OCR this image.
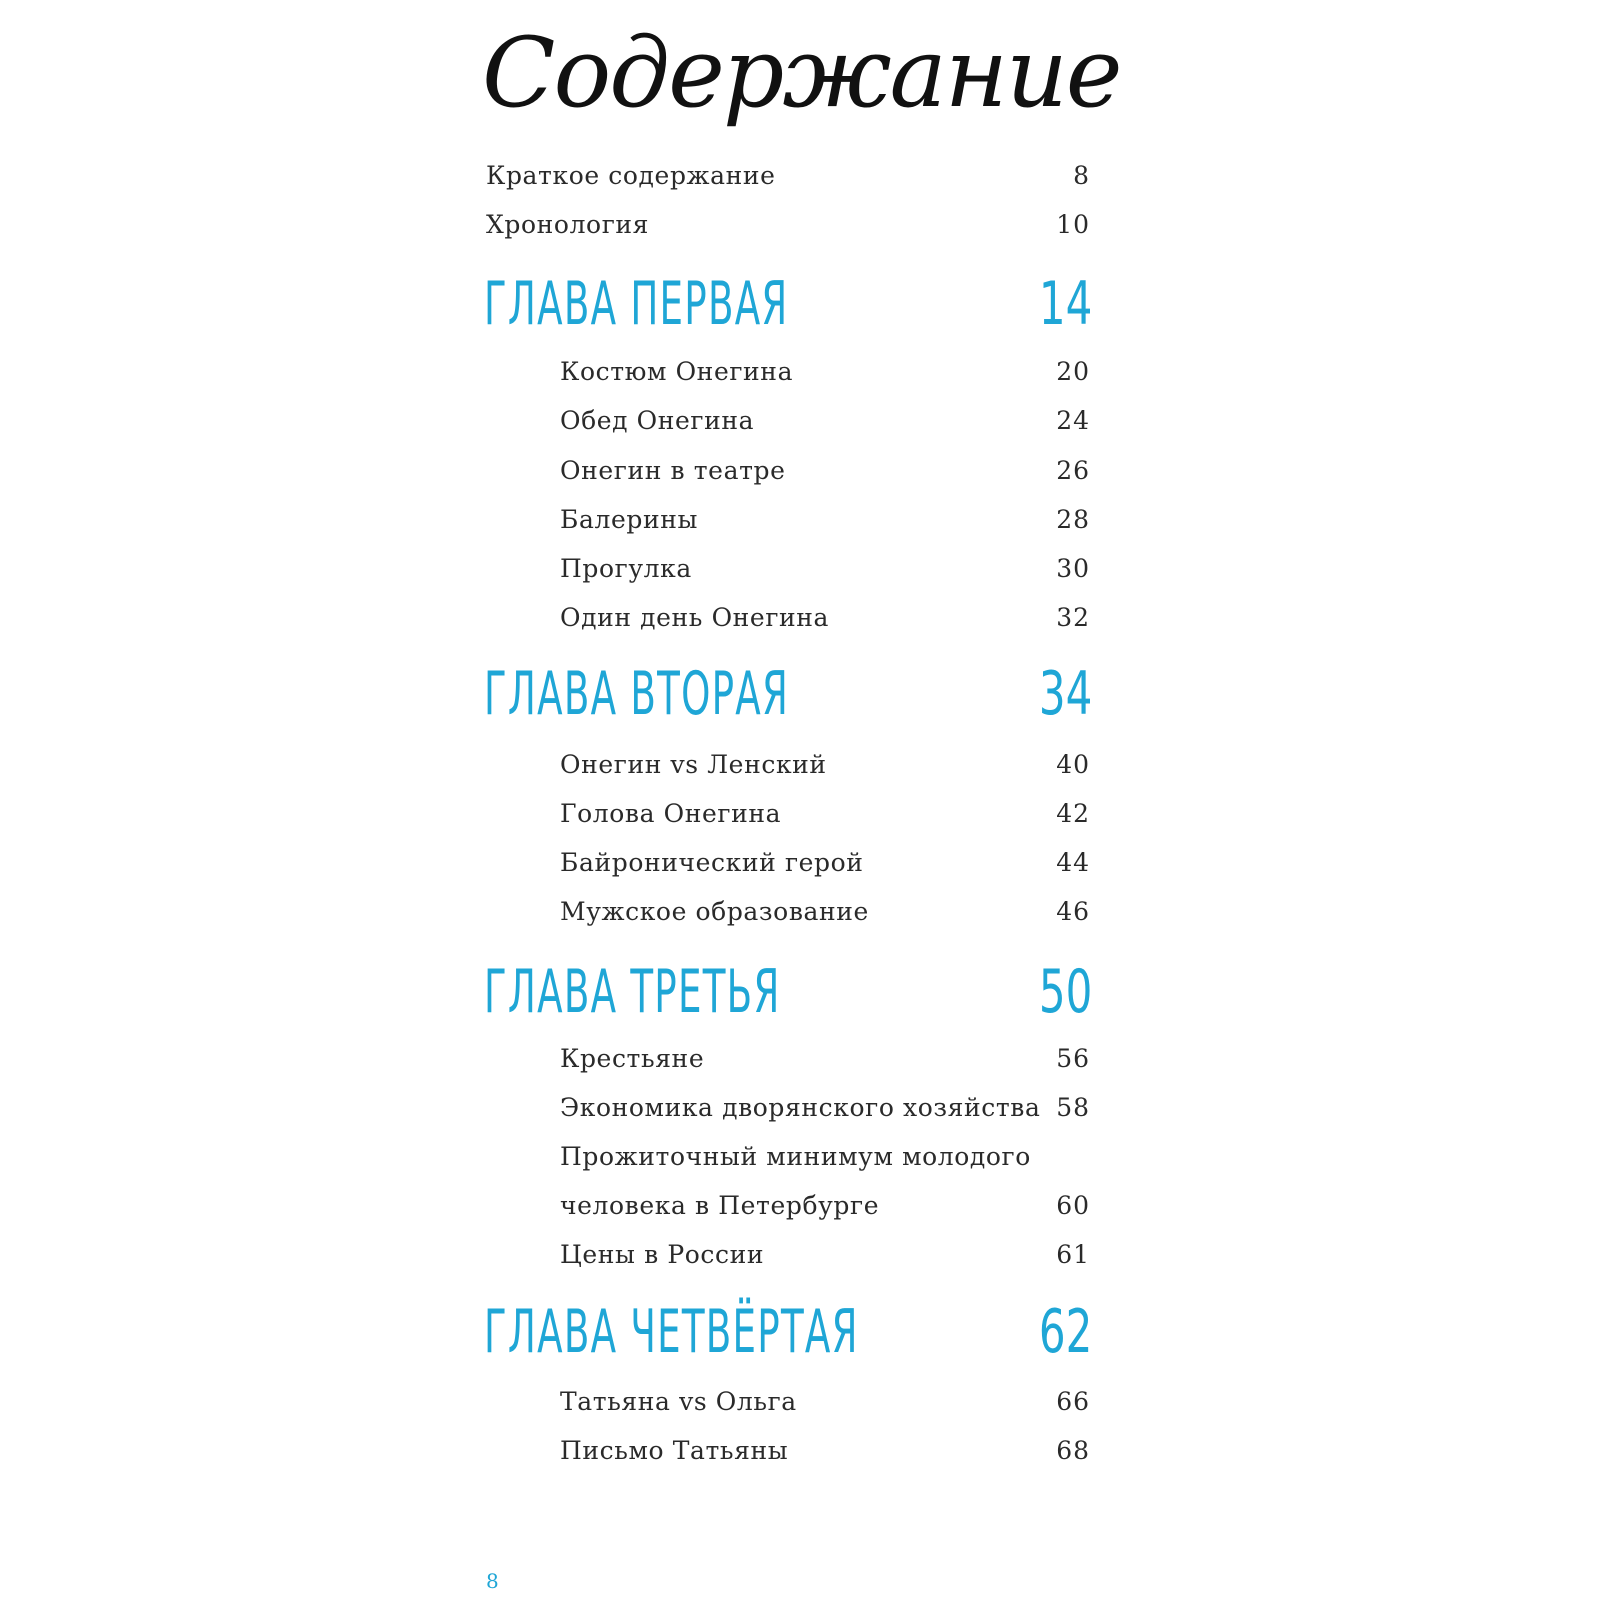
Содержание
Краткое содержание	8
Хронология	10
ГЛАВА ПЕРВАЯ	14
Костюм Онегина	20
Обед Онегина	24
Онегин в театре	26
Балерины	28
Прогулка	30
Один день Онегина	32
ГЛАВА ВТОРАЯ	34
Онегин vs Ленский	40
Голова Онегина	42
Байронический герой	44
Мужское образование	46
ГЛАВА ТРЕТЬЯ	50
Крестьяне	56
Экономика дворянского хозяйства 58
Прожиточный минимум молодого
человека в Петербурге	60
Цены в России	61
ГЛАВА ЧЕТВЁРТАЯ	62
Татьяна vs Ольга	66
Письмо Татьяны	68
8
